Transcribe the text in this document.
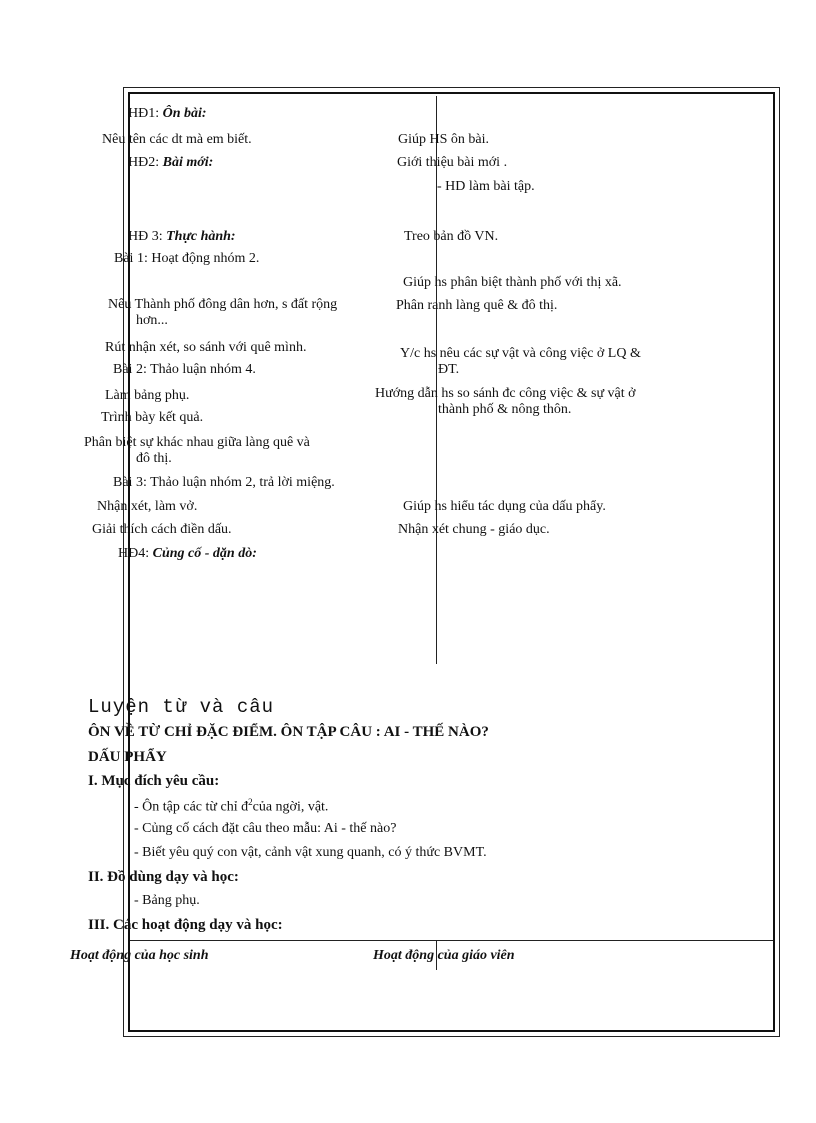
HĐ1: Ôn bài:
Nêu tên các dt mà em biết.
HĐ2: Bài mới:
HĐ 3: Thực hành:
Bài 1: Hoạt động nhóm 2.
Nêu Thành phố đông dân hơn, s đất rộng
hơn...
Rút nhận xét, so sánh với quê mình.
Bài 2: Thảo luận nhóm 4.
Làm bảng phụ.
Trình bày kết quả.
Phân biệt sự khác nhau giữa làng quê và
đô thị.
Bài 3: Thảo luận nhóm 2, trả lời miệng.
Nhận xét, làm vở.
Giải thích cách điền dấu.
HĐ4: Củng cố - dặn dò:
Giúp HS ôn bài.
Giới thiệu bài mới .
- HD làm bài tập.
Treo bản đồ VN.
Giúp hs phân biệt thành phố với thị xã.
Phân ranh làng quê & đô thị.
Y/c hs nêu các sự vật và công việc ở LQ &
ĐT.
Hướng dẫn hs so sánh đc công việc & sự vật ở
thành phố & nông thôn.
Giúp hs hiểu tác dụng của dấu phẩy.
Nhận xét chung - giáo dục.
Luyện từ và câu
ÔN VỀ TỪ CHỈ ĐẶC ĐIỂM. ÔN TẬP CÂU : AI - THẾ NÀO?
DẤU PHẨY
I. Mục đích yêu cầu:
- Ôn tập các từ chỉ $đ^2của$ ngời, vật.
- Củng cố cách đặt câu theo mẫu: Ai - thế nào?
- Biết yêu quý con vật, cảnh vật xung quanh, có ý thức BVMT.
II. Đồ dùng dạy và học:
- Bảng phụ.
III. Các hoạt động dạy và học:
Hoạt động của học sinh	Hoạt động của giáo viên
